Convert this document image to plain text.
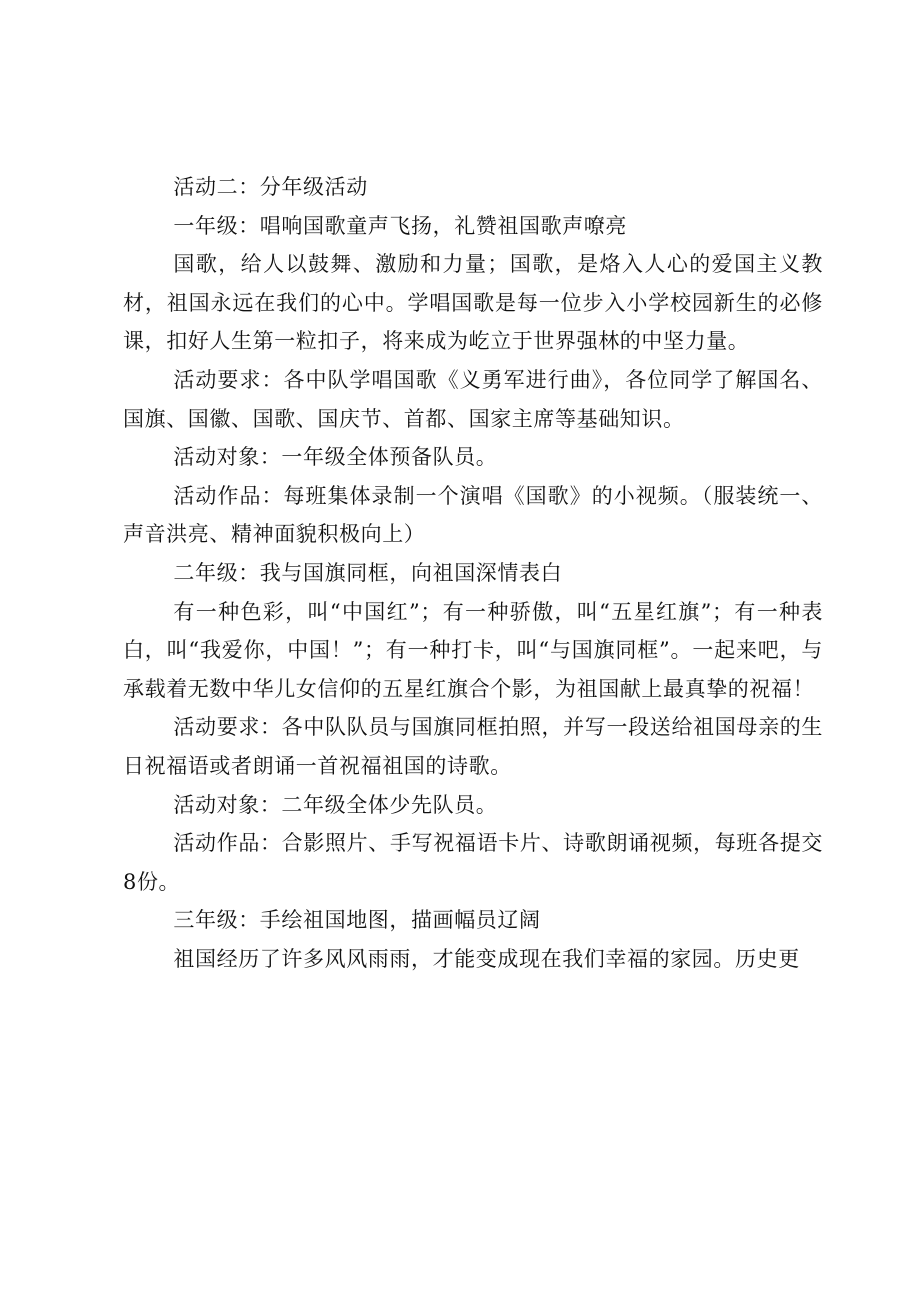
活动二：分年级活动

一年级：唱响国歌童声飞扬，礼赞祖国歌声嘹亮

国歌，给人以鼓舞、激励和力量；国歌，是烙入人心的爱国主义教材，祖国永远在我们的心中。学唱国歌是每一位步入小学校园新生的必修课，扣好人生第一粒扣子，将来成为屹立于世界强林的中坚力量。

活动要求：各中队学唱国歌《义勇军进行曲》，各位同学了解国名、国旗、国徽、国歌、国庆节、首都、国家主席等基础知识。

活动对象：一年级全体预备队员。

活动作品：每班集体录制一个演唱《国歌》的小视频。（服装统一、声音洪亮、精神面貌积极向上）

二年级：我与国旗同框，向祖国深情表白

有一种色彩，叫“中国红”；有一种骄傲，叫“五星红旗”；有一种表白，叫“我爱你，中国！”；有一种打卡，叫“与国旗同框”。一起来吧，与承载着无数中华儿女信仰的五星红旗合个影，为祖国献上最真挚的祝福！

活动要求：各中队队员与国旗同框拍照，并写一段送给祖国母亲的生日祝福语或者朗诵一首祝福祖国的诗歌。

活动对象：二年级全体少先队员。

活动作品：合影照片、手写祝福语卡片、诗歌朗诵视频，每班各提交8份。

三年级：手绘祖国地图，描画幅员辽阔

祖国经历了许多风风雨雨，才能变成现在我们幸福的家园。历史更
